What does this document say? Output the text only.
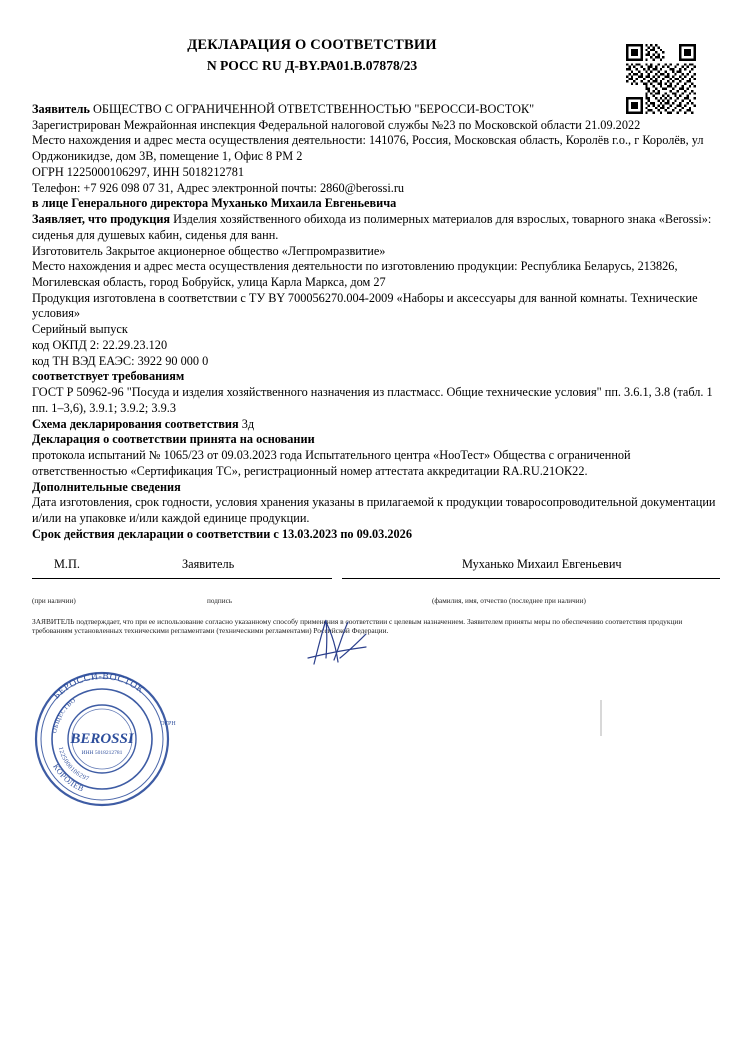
ДЕКЛАРАЦИЯ О СООТВЕТСТВИИ
N РОСС RU Д-BY.РА01.В.07878/23

Заявитель ОБЩЕСТВО С ОГРАНИЧЕННОЙ ОТВЕТСТВЕННОСТЬЮ "БЕРОССИ-ВОСТОК"

Зарегистрирован Межрайонная инспекция Федеральной налоговой службы №23 по Московской области 21.09.2022

Место нахождения и адрес места осуществления деятельности: 141076, Россия, Московская область, Королёв г.о., г Королёв, ул Орджоникидзе, дом 3В, помещение 1, Офис 8 РМ 2

ОГРН 1225000106297, ИНН 5018212781

Телефон: +7 926 098 07 31, Адрес электронной почты: 2860@berossi.ru

в лице Генерального директора Муханько Михаила Евгеньевича

Заявляет, что продукция Изделия хозяйственного обихода из полимерных материалов для взрослых, товарного знака «Berossi»: сиденья для душевых кабин, сиденья для ванн.

Изготовитель Закрытое акционерное общество «Легпромразвитие»

Место нахождения и адрес места осуществления деятельности по изготовлению продукции: Республика Беларусь, 213826, Могилевская область, город Бобруйск, улица Карла Маркса, дом 27

Продукция изготовлена в соответствии с ТУ BY 700056270.004-2009 «Наборы и аксессуары для ванной комнаты. Технические условия»

Серийный выпуск

код ОКПД 2: 22.29.23.120

код ТН ВЭД ЕАЭС: 3922 90 000 0

соответствует требованиям

ГОСТ Р 50962-96 "Посуда и изделия хозяйственного назначения из пластмасс. Общие технические условия" пп. 3.6.1, 3.8 (табл. 1 пп. 1–3,6), 3.9.1; 3.9.2; 3.9.3

Схема декларирования соответствия 3д

Декларация о соответствии принята на основании

протокола испытаний № 1065/23 от 09.03.2023 года Испытательного центра «НооТест» Общества с ограниченной ответственностью «Сертификация ТС», регистрационный номер аттестата аккредитации RA.RU.21ОК22.

Дополнительные сведения

Дата изготовления, срок годности, условия хранения указаны в прилагаемой к продукции товаросопроводительной документации и/или на упаковке и/или каждой единице продукции.

Срок действия декларации о соответствии с 13.03.2023 по 09.03.2026

М.П.	Заявитель	Муханько Михаил Евгеньевич
(при наличии)	подпись	(фамилия, имя, отчество (последнее при наличии)
ЗАЯВИТЕЛЬ подтверждает, что при ее использование согласно указанному способу применения в соответствии с целевым назначением. Заявителем приняты меры по обеспечению соответствия продукции требованиям установленных техническими регламентами (техническими регламентами) Российской Федерации.
БЕРОССИ-ВОСТОК
КОРОЛЁВ
ОБЩЕСТВО
1225000106297
BEROSSI
ИНН 5018212781
ОГРН
